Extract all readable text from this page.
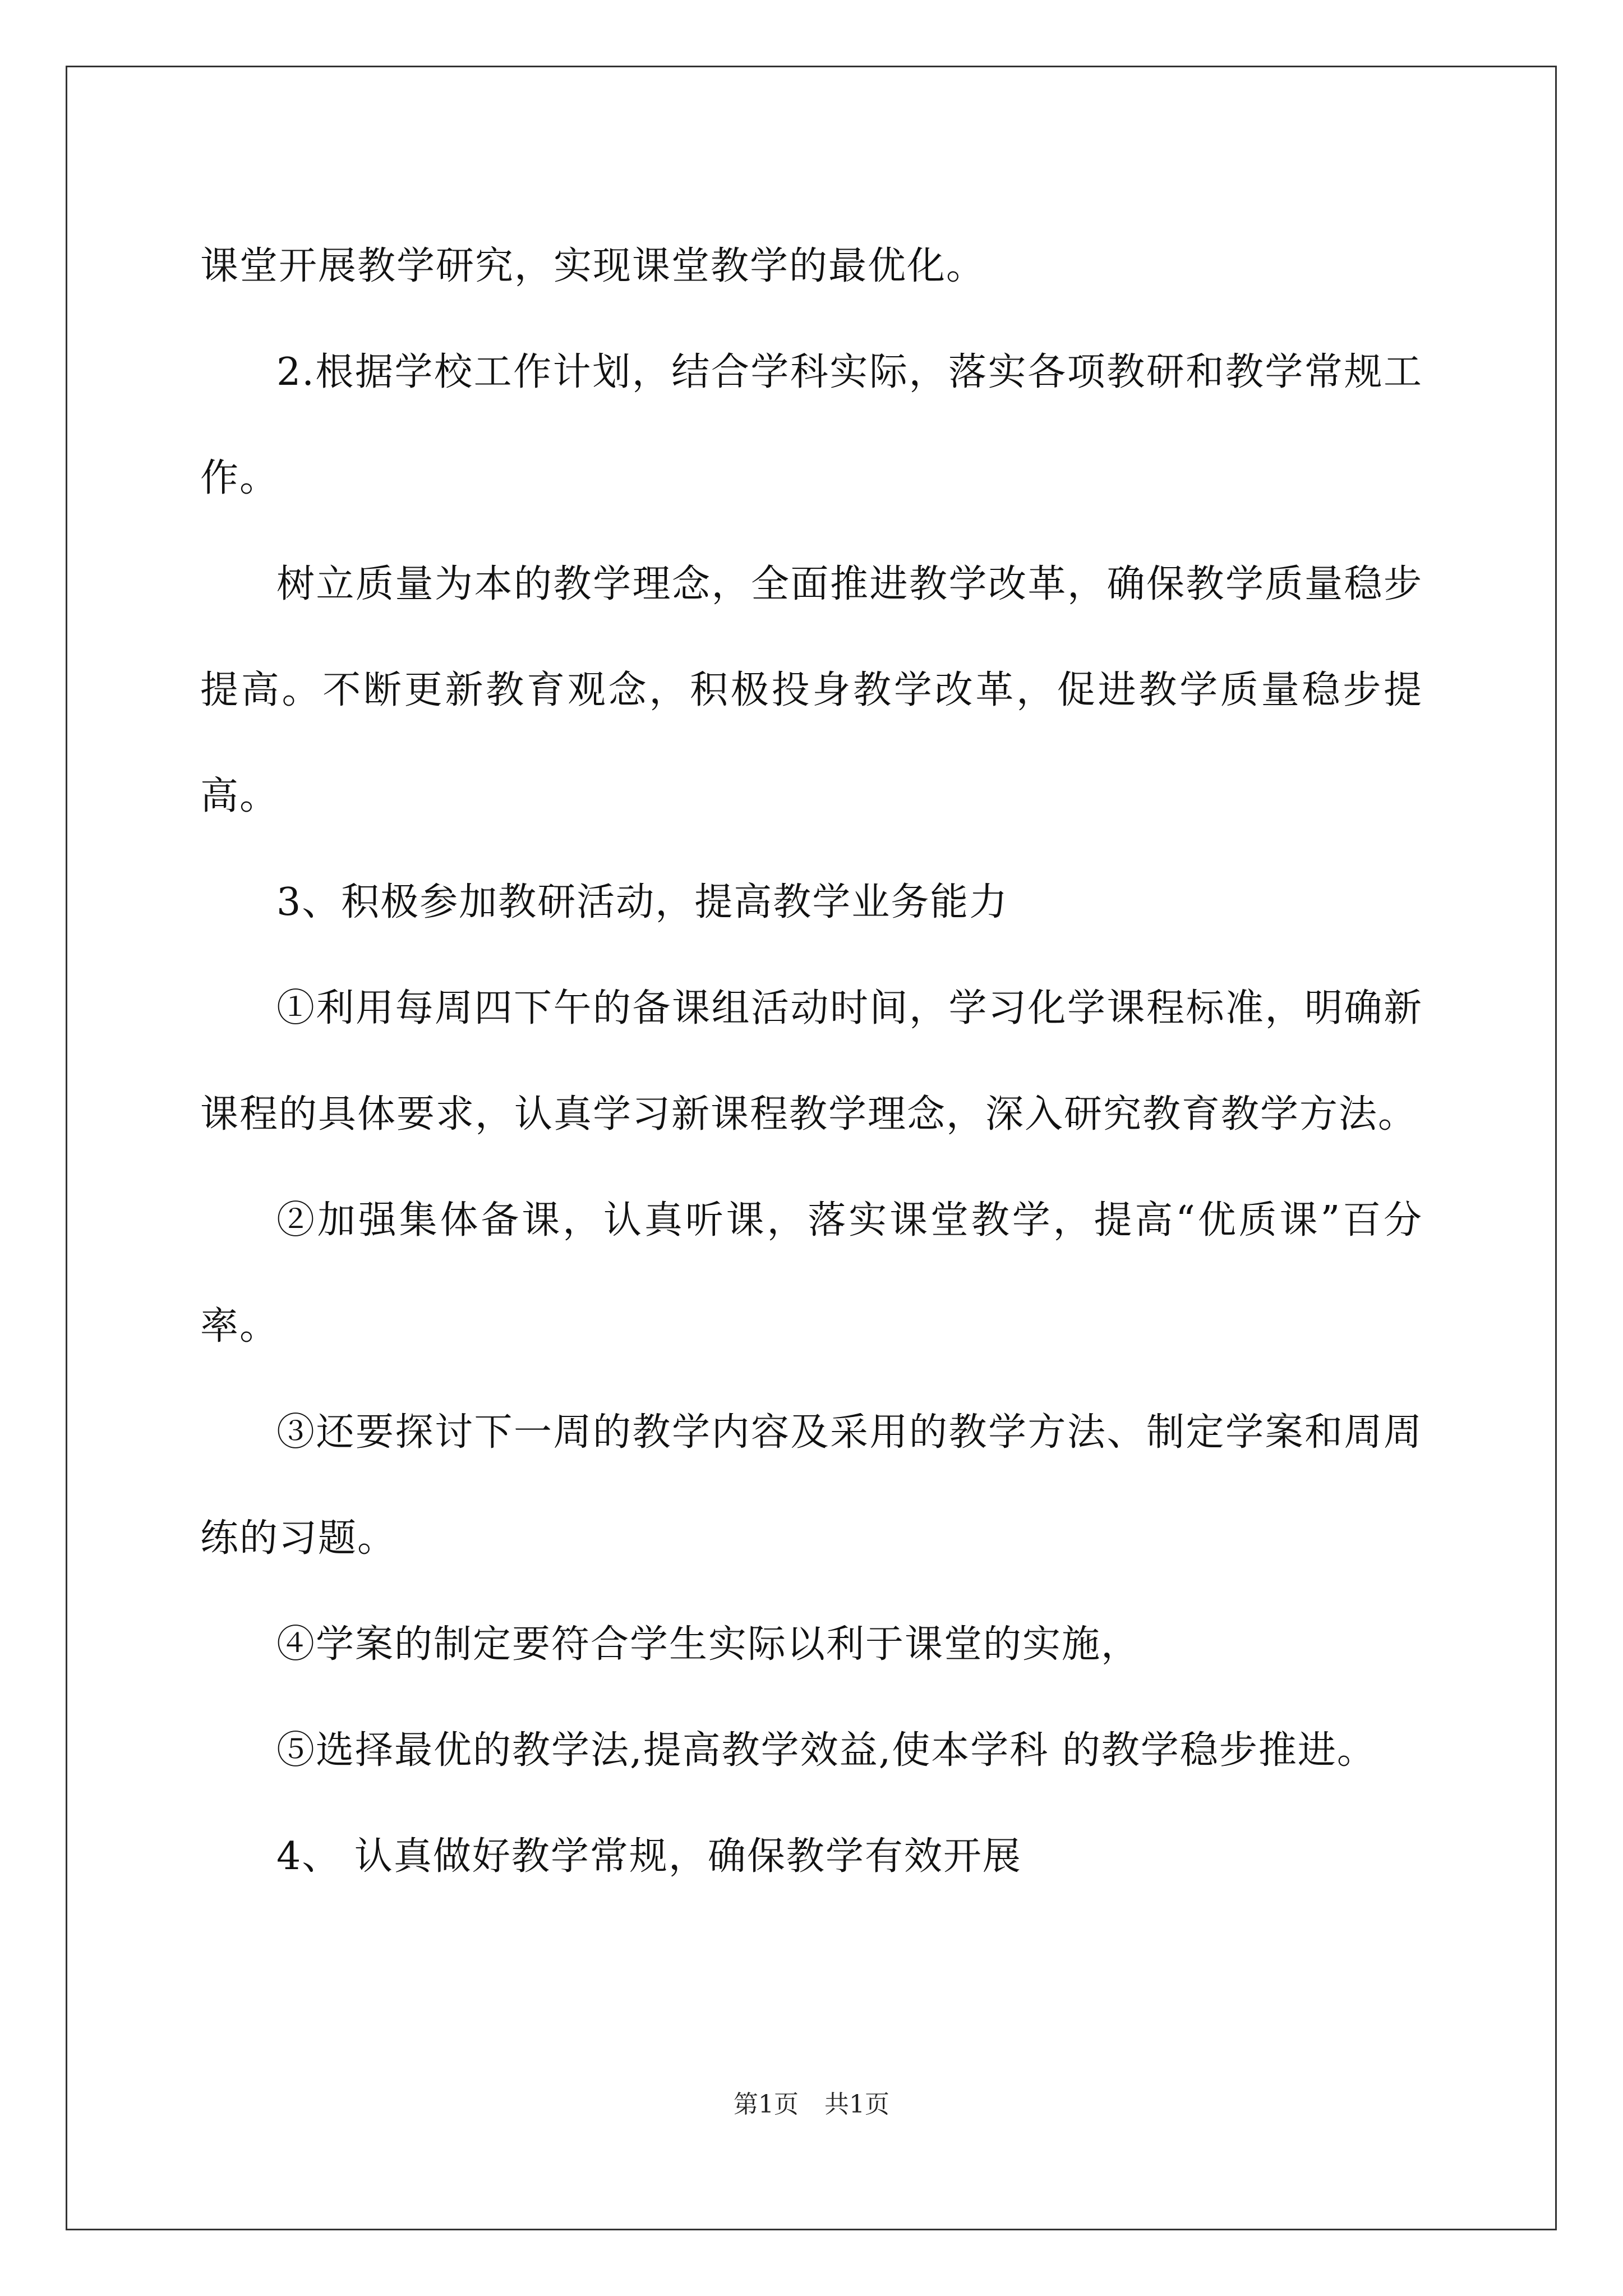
课堂开展教学研究，实现课堂教学的最优化。

2.根据学校工作计划，结合学科实际，落实各项教研和教学常规工作。

树立质量为本的教学理念，全面推进教学改革，确保教学质量稳步提高。不断更新教育观念，积极投身教学改革，促进教学质量稳步提高。

3、积极参加教研活动，提高教学业务能力

①利用每周四下午的备课组活动时间，学习化学课程标准，明确新课程的具体要求，认真学习新课程教学理念，深入研究教育教学方法。

②加强集体备课，认真听课，落实课堂教学，提高“优质课”百分率。

③还要探讨下一周的教学内容及采用的教学方法、制定学案和周周练的习题。

④学案的制定要符合学生实际以利于课堂的实施，

⑤选择最优的教学法,提高教学效益,使本学科 的教学稳步推进。

4、 认真做好教学常规，确保教学有效开展

第1页 共1页
